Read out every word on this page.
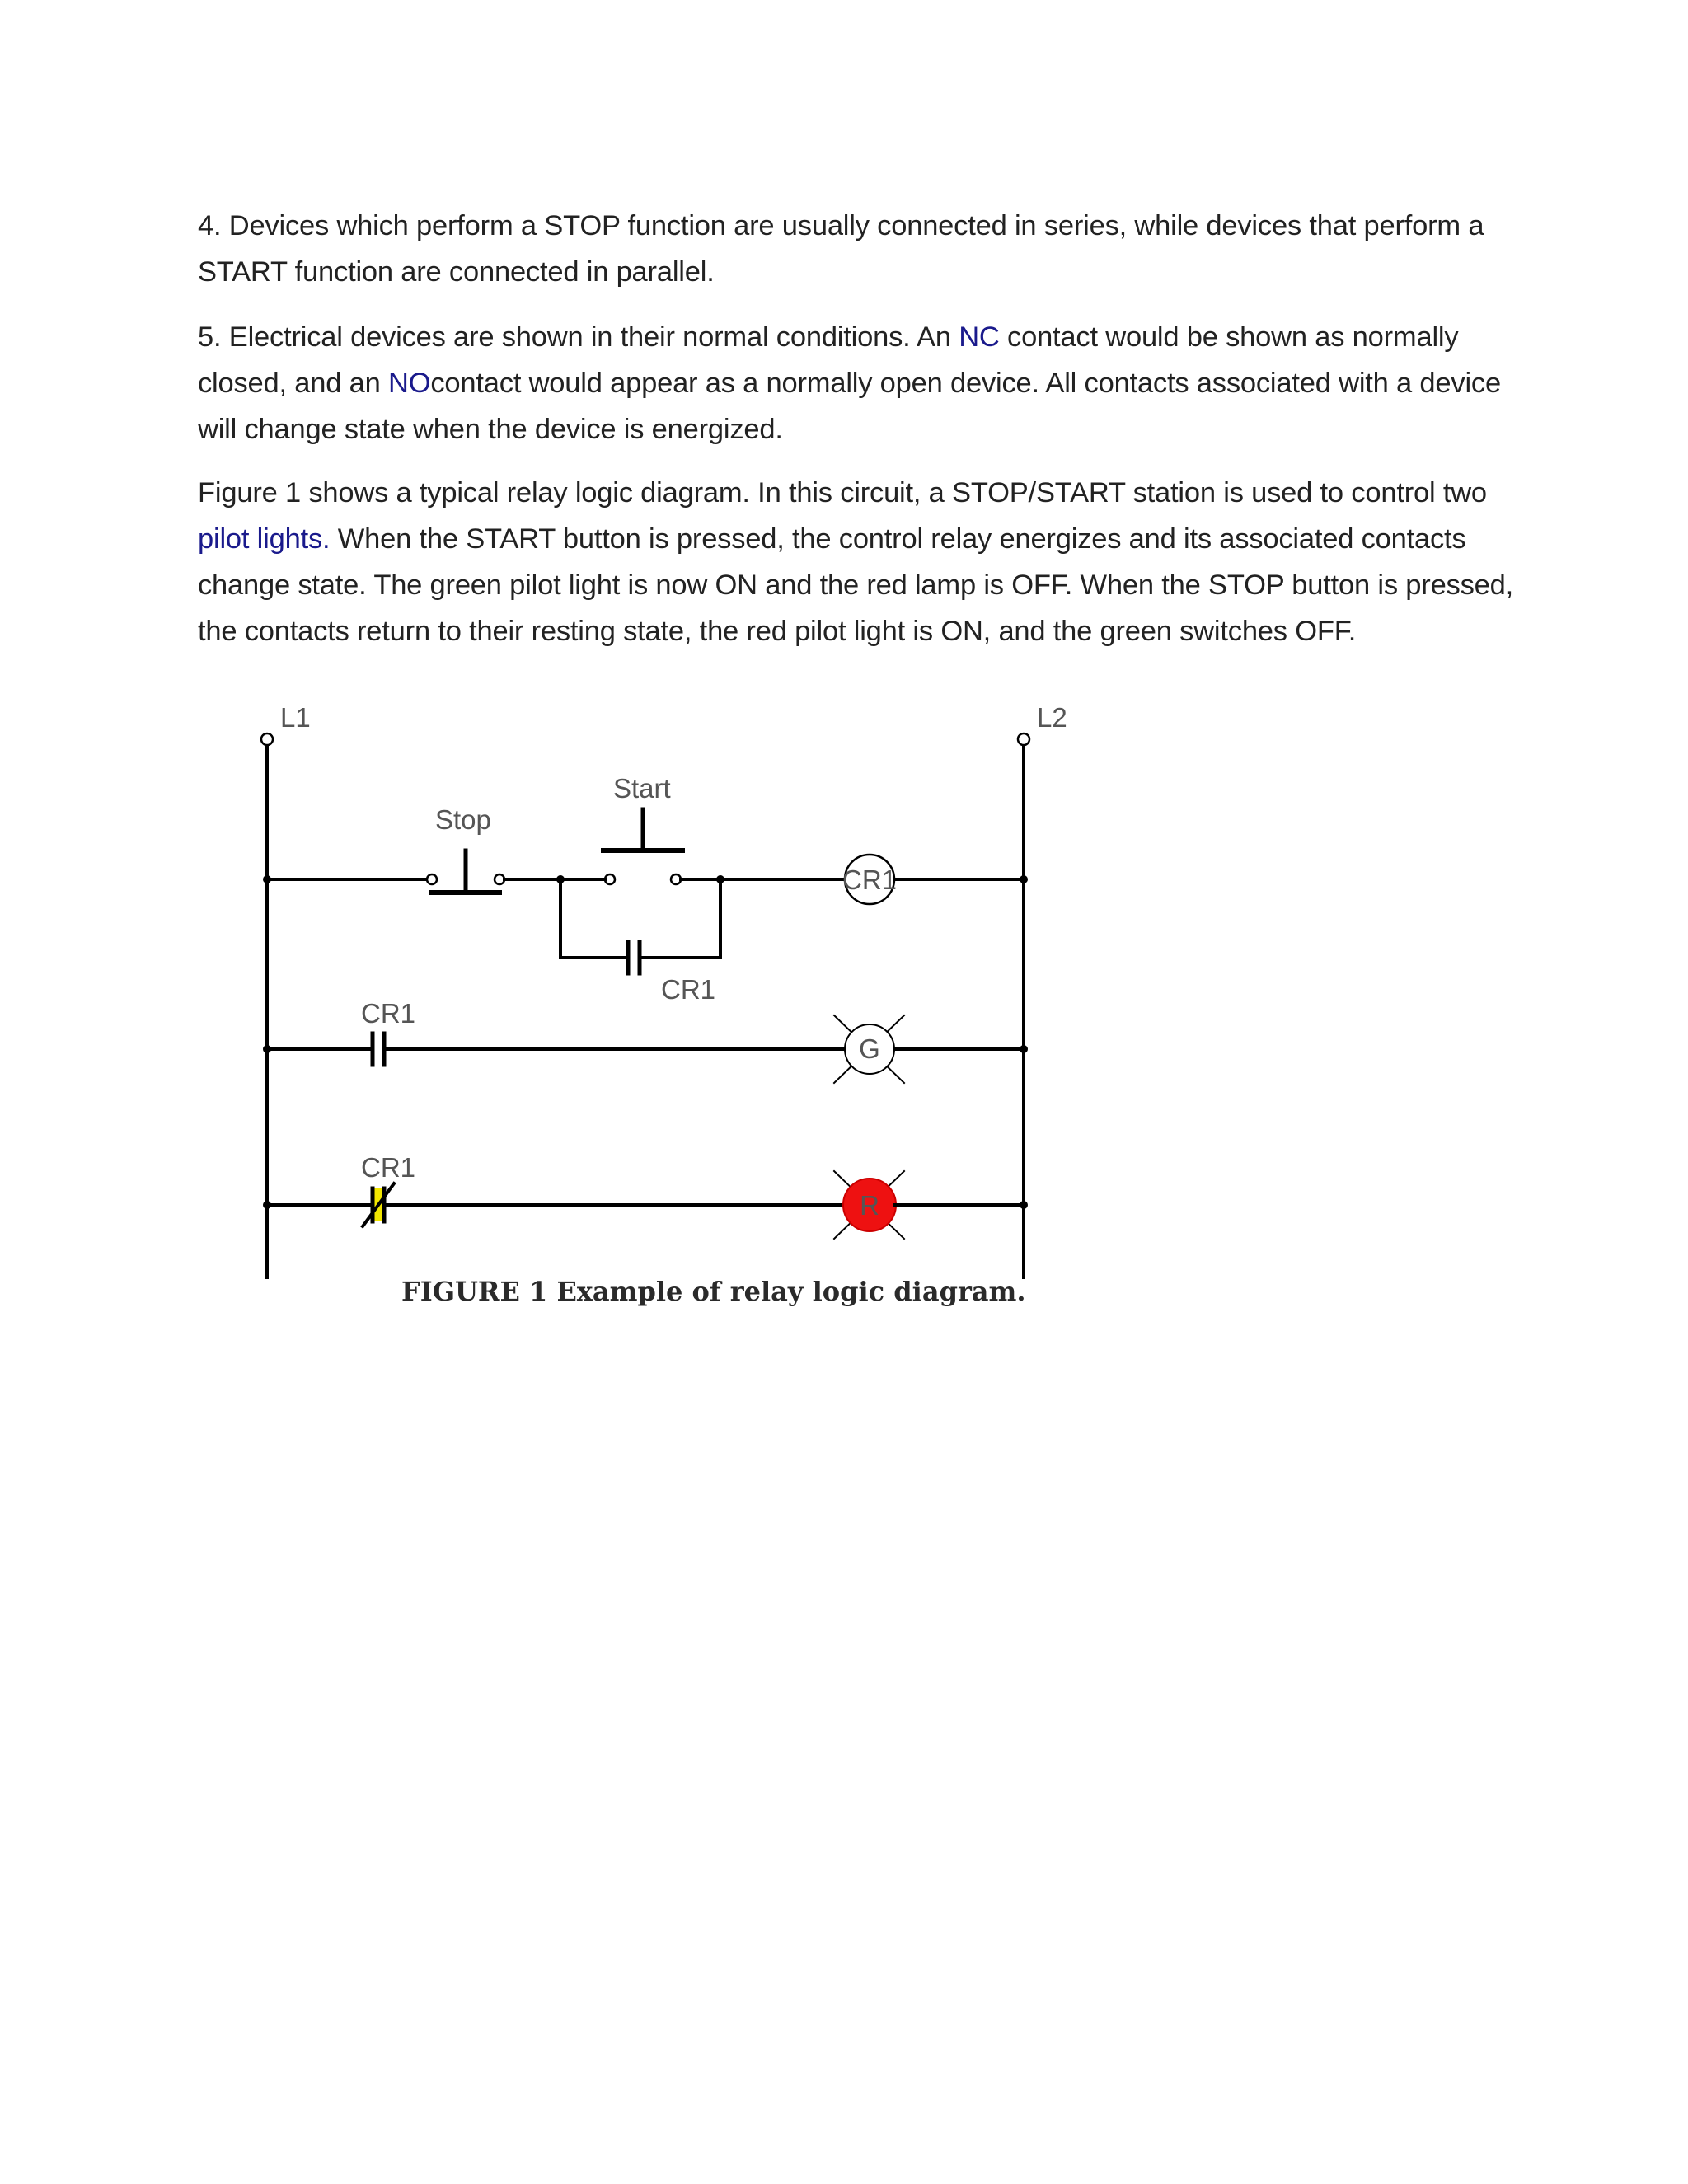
4. Devices which perform a STOP function are usually connected in series, while devices that perform a START function are connected in parallel.

5. Electrical devices are shown in their normal conditions. An NC contact would be shown as normally closed, and an NOcontact would appear as a normally open device. All contacts associated with a device will change state when the device is energized.

Figure 1 shows a typical relay logic diagram. In this circuit, a STOP/START station is used to control two pilot lights. When the START button is pressed, the control relay energizes and its associated contacts change state. The green pilot light is now ON and the red lamp is OFF. When the STOP button is pressed, the contacts return to their resting state, the red pilot light is ON, and the green switches OFF.

L1	L2
Stop
Start
CR1
CR1
CR1
CR1
G
R
FIGURE 1 Example of relay logic diagram.
